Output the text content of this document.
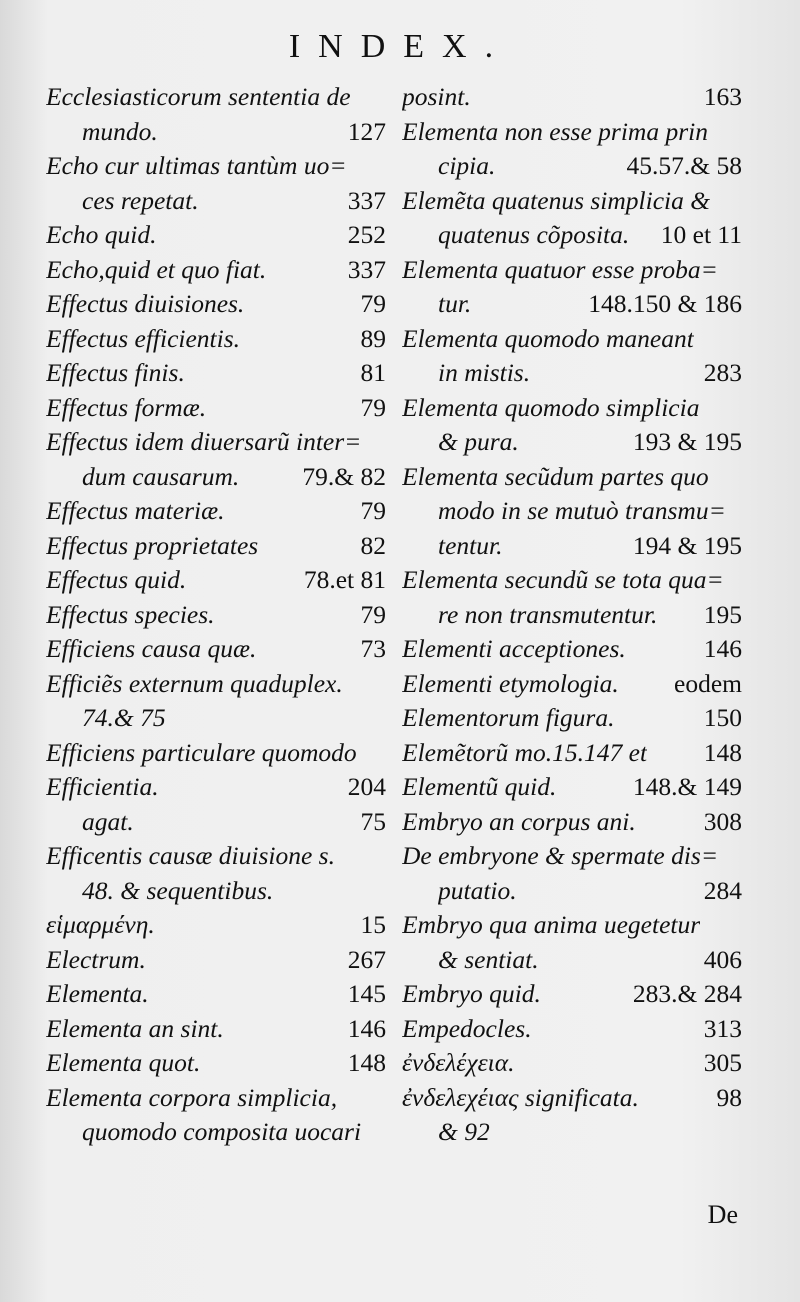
INDEX.
Ecclesiasticorum sententia de
mundo.	127
Echo cur ultimas tantùm uo=
ces repetat.	337
Echo quid.	252
Echo,quid et quo fiat.	337
Effectus diuisiones.	79
Effectus efficientis.	89
Effectus finis.	81
Effectus formæ.	79
Effectus idem diuersarũ inter=
dum causarum. 79.& 82
Effectus materiæ.	79
Effectus proprietates	82
Effectus quid.	78.et 81
Effectus species.	79
Efficiens causa quæ.	73
Efficiẽs externum quaduplex.
74.& 75
Efficiens particulare quomodo
Efficientia.	204
agat.	75
Efficentis causæ diuisione s.
48. & sequentibus.
εἱμαρμένη.	15
Electrum.	267
Elementa.	145
Elementa an sint.	146
Elementa quot.	148
Elementa corpora simplicia,
quomodo composita uocari
posint.	163
Elementa non esse prima prin
cipia.	45.57.& 58
Elemẽta quatenus simplicia &
quatenus cõposita. 10 et 11
Elementa quatuor esse proba=
tur.	148.150 & 186
Elementa quomodo maneant
in mistis.	283
Elementa quomodo simplicia
& pura.	193 & 195
Elementa secũdum partes quo
modo in se mutuò transmu=
tentur.	194 & 195
Elementa secundũ se tota qua=
re non transmutentur. 195
Elementi acceptiones.	146
Elementi etymologia. eodem
Elementorum figura.	150
Elemẽtorũ mo.15.147 et 148
Elementũ quid.	148.& 149
Embryo an corpus ani.	308
De embryone & spermate dis=
putatio.	284
Embryo qua anima uegetetur
& sentiat.	406
Embryo quid.	283.& 284
Empedocles.	313
ἐνδελέχεια.	305
ἐνδελεχέιας significata.	98
& 92
De
